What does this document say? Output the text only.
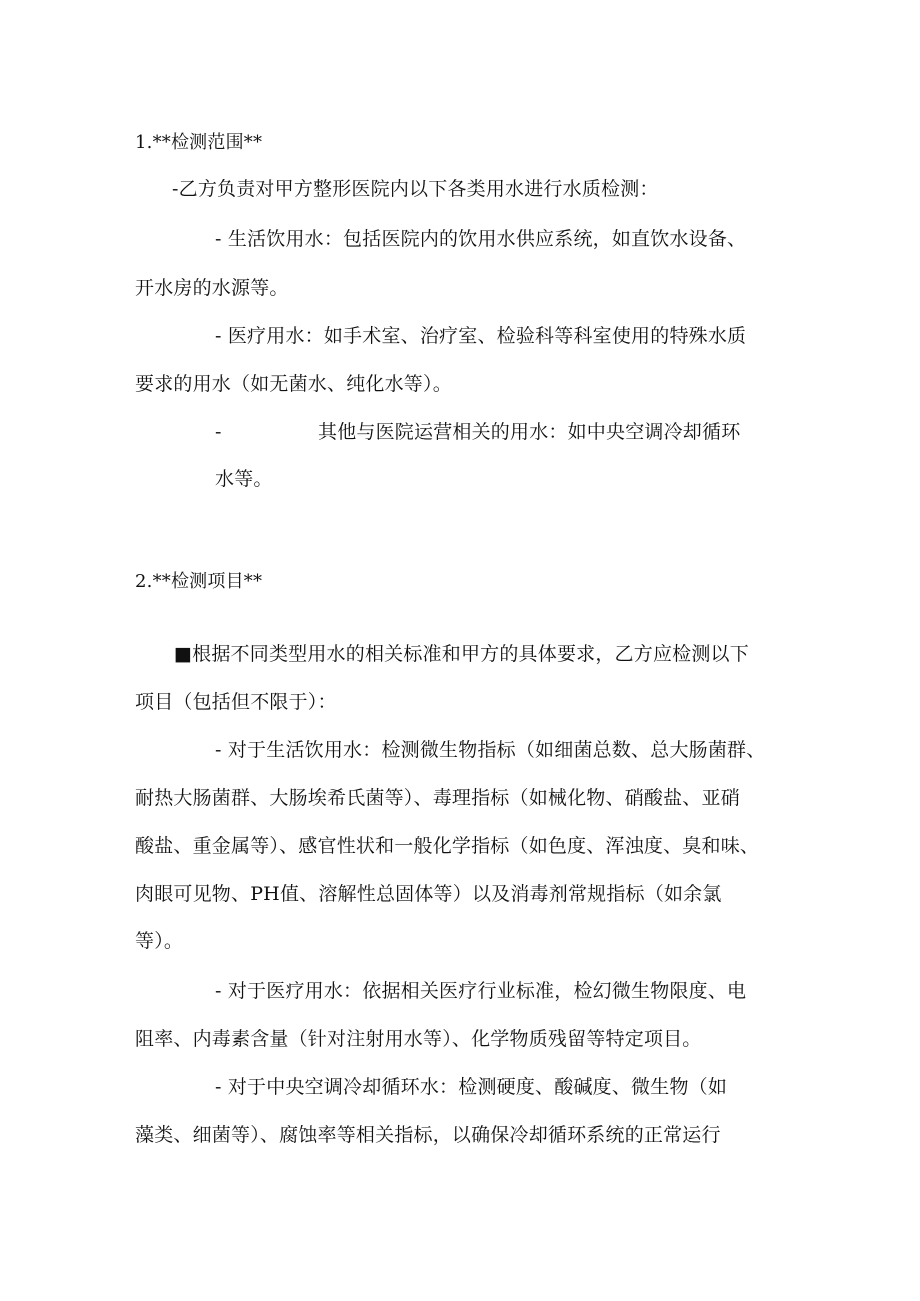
1.**检测范围**
-乙方负责对甲方整形医院内以下各类用水进行水质检测：
- 生活饮用水：包括医院内的饮用水供应系统，如直饮水设备、
开水房的水源等。
- 医疗用水：如手术室、治疗室、检验科等科室使用的特殊水质
要求的用水（如无菌水、纯化水等）。
-	其他与医院运营相关的用水：如中央空调冷却循环
水等。
2.**检测项目**
■根据不同类型用水的相关标准和甲方的具体要求，乙方应检测以下
项目（包括但不限于）：
- 对于生活饮用水：检测微生物指标（如细菌总数、总大肠菌群、
耐热大肠菌群、大肠埃希氏菌等）、毒理指标（如械化物、硝酸盐、亚硝
酸盐、重金属等）、感官性状和一般化学指标（如色度、浑浊度、臭和味、
肉眼可见物、PH值、溶解性总固体等）以及消毒剂常规指标（如余氯
等）。
- 对于医疗用水：依据相关医疗行业标准，检幻微生物限度、电
阻率、内毒素含量（针对注射用水等）、化学物质残留等特定项目。
- 对于中央空调冷却循环水：检测硬度、酸碱度、微生物（如
藻类、细菌等）、腐蚀率等相关指标，以确保冷却循环系统的正常运行
